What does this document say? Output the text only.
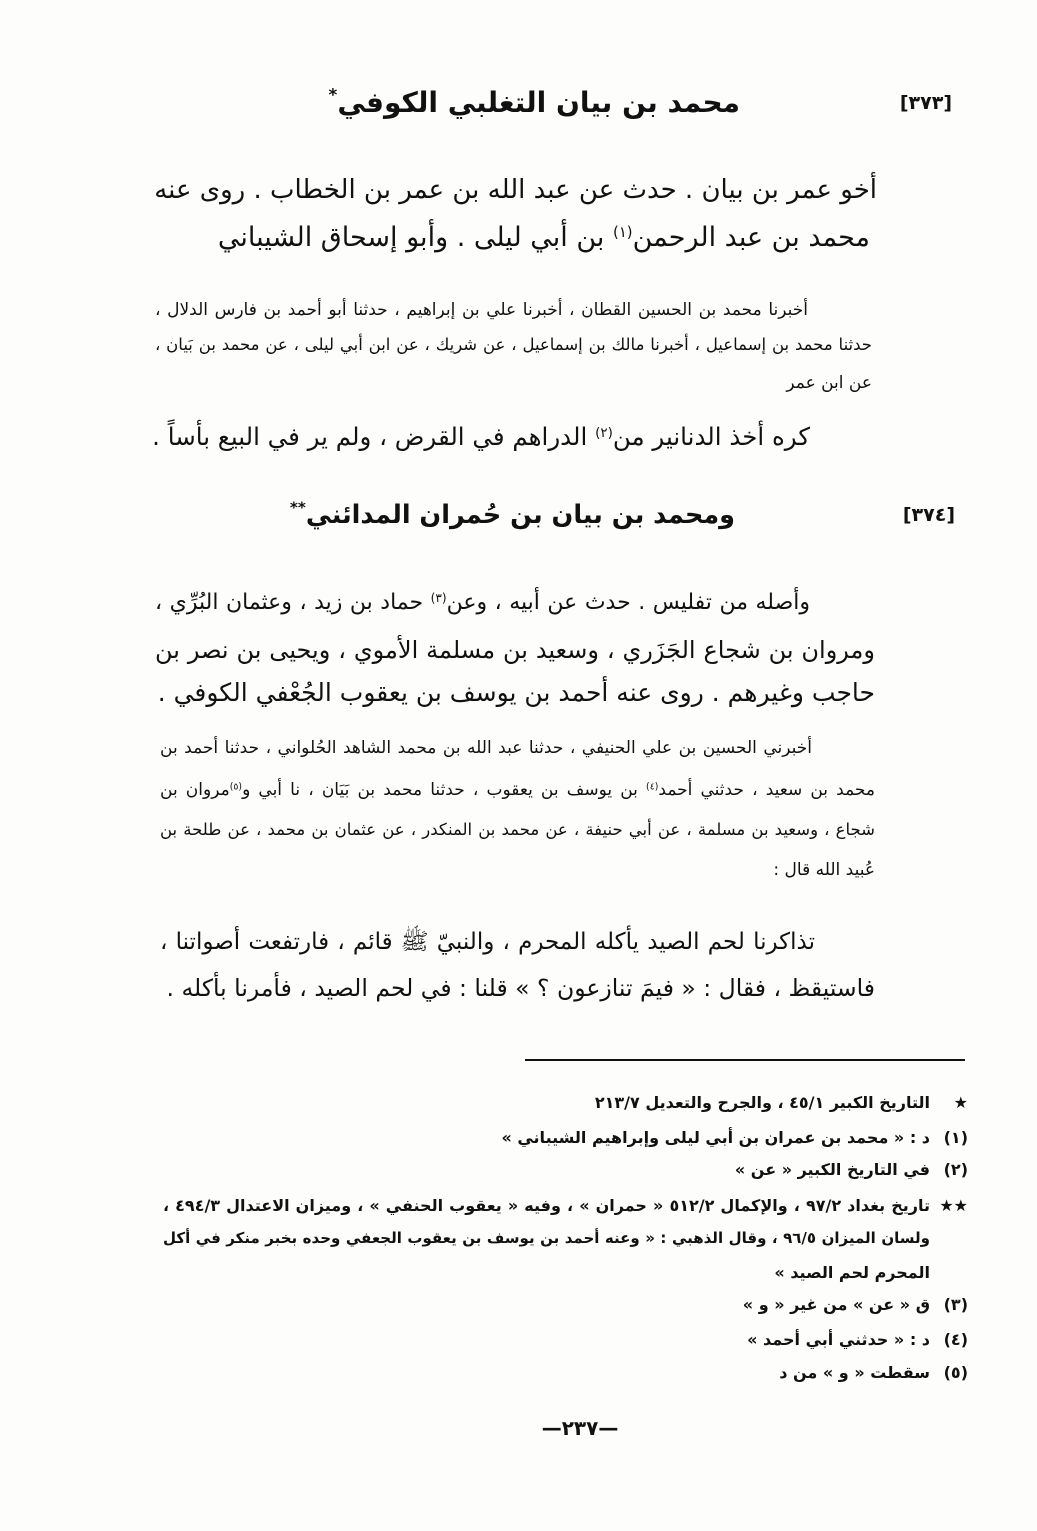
[٣٧٣]
محمد بن بيان التغلبي الكوفي*
أخو عمر بن بيان . حدث عن عبد الله بن عمر بن الخطاب . روى عنه
محمد بن عبد الرحمن$^{(١)}$ بن أبي ليلى . وأبو إسحاق الشيباني
أخبرنا محمد بن الحسين القطان ، أخبرنا علي بن إبراهيم ، حدثنا أبو أحمد بن فارس الدلال ،
حدثنا محمد بن إسماعيل ، أخبرنا مالك بن إسماعيل ، عن شريك ، عن ابن أبي ليلى ، عن محمد بن بَيان ،
عن ابن عمر
كره أخذ الدنانير من$^{(٢)}$ الدراهم في القرض ، ولم ير في البيع بأساً .
[٣٧٤]
ومحمد بن بيان بن حُمران المدائني**
وأصله من تفليس . حدث عن أبيه ، وعن$^{(٣)}$ حماد بن زيد ، وعثمان البُرِّي ،
ومروان بن شجاع الجَزَري ، وسعيد بن مسلمة الأموي ، ويحيى بن نصر بن
حاجب وغيرهم . روى عنه أحمد بن يوسف بن يعقوب الجُعْفي الكوفي .
أخبرني الحسين بن علي الحنيفي ، حدثنا عبد الله بن محمد الشاهد الحُلواني ، حدثنا أحمد بن
محمد بن سعيد ، حدثني أحمد$^{(٤)}$ بن يوسف بن يعقوب ، حدثنا محمد بن بَيَان ، نا أبي و$^{(٥)}$مروان بن
شجاع ، وسعيد بن مسلمة ، عن أبي حنيفة ، عن محمد بن المنكدر ، عن عثمان بن محمد ، عن طلحة بن
عُبيد الله قال :
تذاكرنا لحم الصيد يأكله المحرم ، والنبيّ ﷺ قائم ، فارتفعت أصواتنا ،
فاستيقظ ، فقال : « فيمَ تنازعون ؟ » قلنا : في لحم الصيد ، فأمرنا بأكله .
★
التاريخ الكبير ٤٥/١ ، والجرح والتعديل ٢١٣/٧
(١)
د : « محمد بن عمران بن أبي ليلى وإبراهيم الشيباني »
(٢)
في التاريخ الكبير « عن »
★★
تاريخ بغداد ٩٧/٢ ، والإكمال ٥١٢/٢ « حمران » ، وفيه « يعقوب الحنفي » ، وميزان الاعتدال ٤٩٤/٣ ،
ولسان الميزان ٩٦/٥ ، وقال الذهبي : « وعنه أحمد بن يوسف بن يعقوب الجعفي وحده بخبر منكر في أكل
المحرم لحم الصيد »
(٣)
ق « عن » من غير « و »
(٤)
د : « حدثني أبي أحمد »
(٥)
سقطت « و » من د
—٢٣٧—
